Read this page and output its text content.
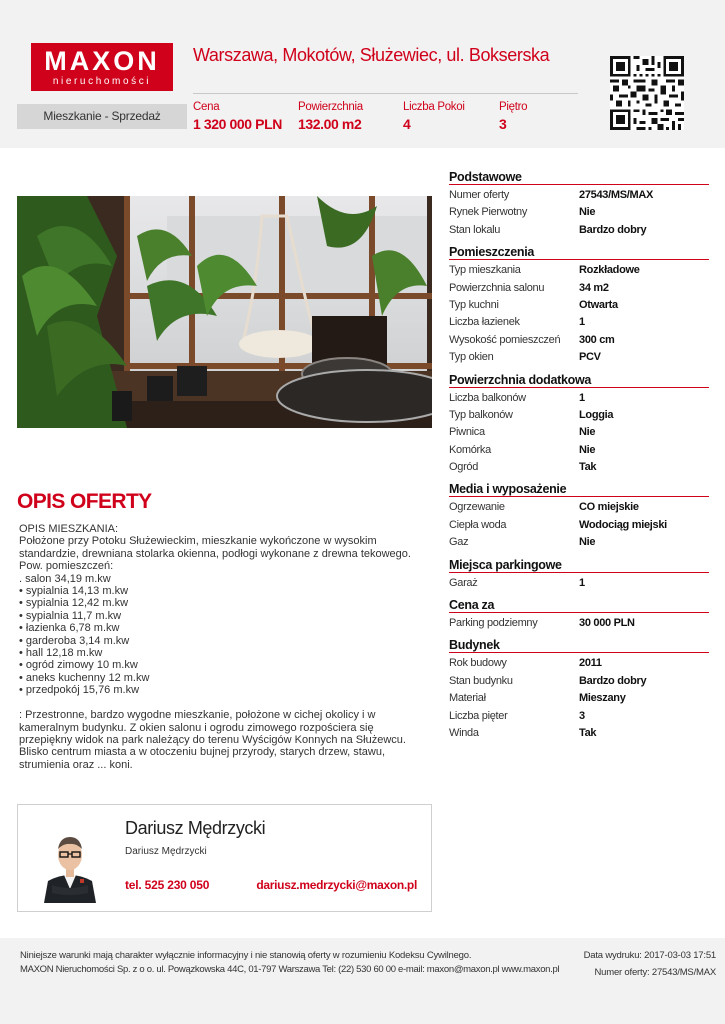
MAXON
nieruchomości
Mieszkanie - Sprzedaż
Warszawa, Mokotów, Służewiec, ul. Bokserska
Cena
1 320 000 PLN
Powierzchnia
132.00 m2
Liczba Pokoi
4
Piętro
3
OPIS OFERTY
OPIS MIESZKANIA:
Położone przy Potoku Służewieckim, mieszkanie wykończone w wysokim
standardzie, drewniana stolarka okienna, podłogi wykonane z drewna tekowego.
Pow. pomieszczeń:
. salon 34,19 m.kw
• sypialnia 14,13 m.kw
• sypialnia 12,42 m.kw
• sypialnia 11,7 m.kw
• łazienka 6,78 m.kw
• garderoba 3,14 m.kw
• hall 12,18 m.kw
• ogród zimowy 10 m.kw
• aneks kuchenny 12 m.kw
• przedpokój 15,76 m.kw

: Przestronne, bardzo wygodne mieszkanie, położone w cichej okolicy i w
kameralnym budynku. Z okien salonu i ogrodu zimowego rozpościera się
przepiękny widok na park należący do terenu Wyścigów Konnych na Służewcu.
Blisko centrum miasta a w otoczeniu bujnej przyrody, starych drzew, stawu,
strumienia oraz ... koni.
Dariusz Mędrzycki
Dariusz Mędrzycki
tel. 525 230 050	dariusz.medrzycki@maxon.pl
Podstawowe
Numer oferty	27543/MS/MAX
Rynek Pierwotny	Nie
Stan lokalu	Bardzo dobry
Pomieszczenia
Typ mieszkania	Rozkładowe
Powierzchnia salonu	34 m2
Typ kuchni	Otwarta
Liczba łazienek	1
Wysokość pomieszczeń	300 cm
Typ okien	PCV
Powierzchnia dodatkowa
Liczba balkonów	1
Typ balkonów	Loggia
Piwnica	Nie
Komórka	Nie
Ogród	Tak
Media i wyposażenie
Ogrzewanie	CO miejskie
Ciepła woda	Wodociąg miejski
Gaz	Nie
Miejsca parkingowe
Garaż	1
Cena za
Parking podziemny	30 000 PLN
Budynek
Rok budowy	2011
Stan budynku	Bardzo dobry
Materiał	Mieszany
Liczba pięter	3
Winda	Tak
Niniejsze warunki mają charakter wyłącznie informacyjny i nie stanowią oferty w rozumieniu Kodeksu Cywilnego.
MAXON Nieruchomości Sp. z o o. ul. Powązkowska 44C, 01-797 Warszawa Tel: (22) 530 60 00 e-mail: maxon@maxon.pl www.maxon.pl
Data wydruku: 2017-03-03 17:51
Numer oferty: 27543/MS/MAX
